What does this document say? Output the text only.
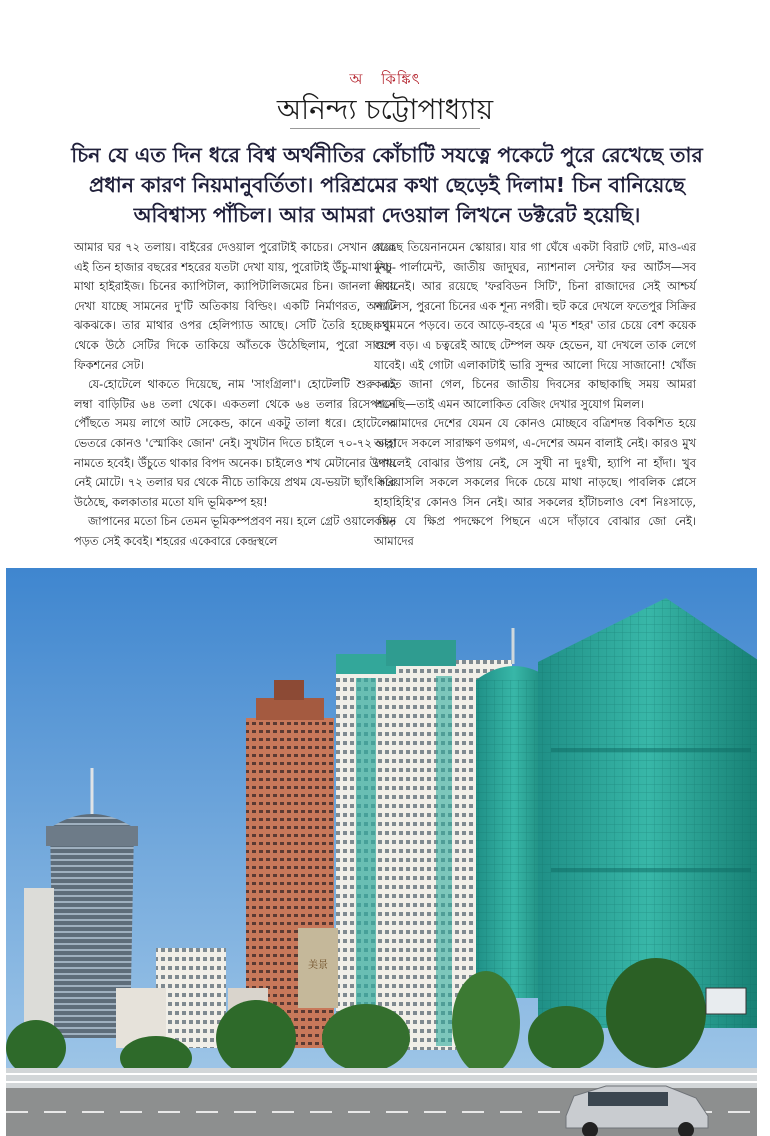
অ কিঙ্কিৎ
অনিন্দ্য চট্টোপাধ্যায়
চিন যে এত দিন ধরে বিশ্ব অর্থনীতির কোঁচাটি সযত্নে পকেটে পুরে রেখেছে তার প্রধান কারণ নিয়মানুবর্তিতা। পরিশ্রমের কথা ছেড়েই দিলাম! চিন বানিয়েছে অবিশ্বাস্য পাঁচিল। আর আমরা দেওয়াল লিখনে ডক্টরেট হয়েছি।

আমার ঘর ৭২ তলায়। বাইরের দেওয়াল পুরোটাই কাচের। সেখান থেকে এই তিন হাজার বছরের শহরের যতটা দেখা যায়, পুরোটাই উঁচু-মাথা নিচু-মাথা হাইরাইজ। চিনের ক্যাপিটাল, ক্যাপিটালিজমের চিন। জানলা দিয়ে দেখা যাচ্ছে সামনের দু'টি অতিকায় বিল্ডিং। একটি নির্মাণরত, অন্যটি ঝকঝকে। তার মাথার ওপর হেলিপ্যাড আছে। সেটি তৈরি হচ্ছে। ঘুম থেকে উঠে সেটির দিকে তাকিয়ে আঁতকে উঠেছিলাম, পুরো সায়েন্স ফিকশনের সেট।

যে-হোটেলে থাকতে দিয়েছে, নাম 'সাংগ্রিলা'। হোটেলটি শুরু এই লম্বা বাড়িটির ৬৪ তলা থেকে। একতলা থেকে ৬৪ তলার রিসেপশনে পৌঁছতে সময় লাগে আট সেকেন্ড, কানে একটু তালা ধরে। হোটেলের ভেতরে কোনও 'স্মোকিং জোন' নেই। সুখটান দিতে চাইলে ৭০-৭২ তলা নামতে হবেই। উঁচুতে থাকার বিপদ অনেক। চাইলেও শখ মেটানোর উপায় নেই মোটে। ৭২ তলার ঘর থেকে নীচে তাকিয়ে প্রথম যে-ভয়টা ছ্যাঁৎ করে উঠেছে, কলকাতার মতো যদি ভূমিকম্প হয়!

জাপানের মতো চিন তেমন ভূমিকম্পপ্রবণ নয়। হলে গ্রেট ওয়ালে চিড় পড়ত সেই কবেই। শহরের একেবারে কেন্দ্রস্থলে

রয়েছে তিয়েনানমেন স্কোয়ার। যার গা ঘেঁষে একটা বিরাট গেট, মাও-এর মুখ। পার্লামেন্ট, জাতীয় জাদুঘর, ন্যাশনাল সেন্টার ফর আর্টস—সব এখানেই। আর রয়েছে 'ফরবিডন সিটি', চিনা রাজাদের সেই আশ্চর্য প্যালেস, পুরনো চিনের এক শূন্য নগরী। হুট করে দেখলে ফতেপুর সিক্রির কথা মনে পড়বে। তবে আড়ে-বহরে এ 'মৃত শহর' তার চেয়ে বেশ কয়েক গুণে বড়। এ চত্বরেই আছে টেম্পল অফ হেভেন, যা দেখলে তাক লেগে যাবেই। এই গোটা এলাকাটাই ভারি সুন্দর আলো দিয়ে সাজানো! খোঁজ করতে জানা গেল, চিনের জাতীয় দিবসের কাছাকাছি সময় আমরা এসেছি—তাই এমন আলোকিত বেজিং দেখার সুযোগ মিলল।

আমাদের দেশের যেমন যে কোনও মোচ্ছবে বত্রিশদন্ত বিকশিত হয়ে আহ্লাদে সকলে সারাক্ষণ ডগমগ, এ-দেশের অমন বালাই নেই। কারও মুখ দেখলেই বোঝার উপায় নেই, সে সুখী না দুঃখী, হ্যাপি না হাঁদা। খুব সিরিয়াসলি সকলে সকলের দিকে চেয়ে মাথা নাড়ছে। পাবলিক প্লেসে হাহাহিহি'র কোনও সিন নেই। আর সকলের হাঁটাচলাও বেশ নিঃসাড়ে, কখন যে ক্ষিপ্র পদক্ষেপে পিছনে এসে দাঁড়াবে বোঝার জো নেই। আমাদের

美景
